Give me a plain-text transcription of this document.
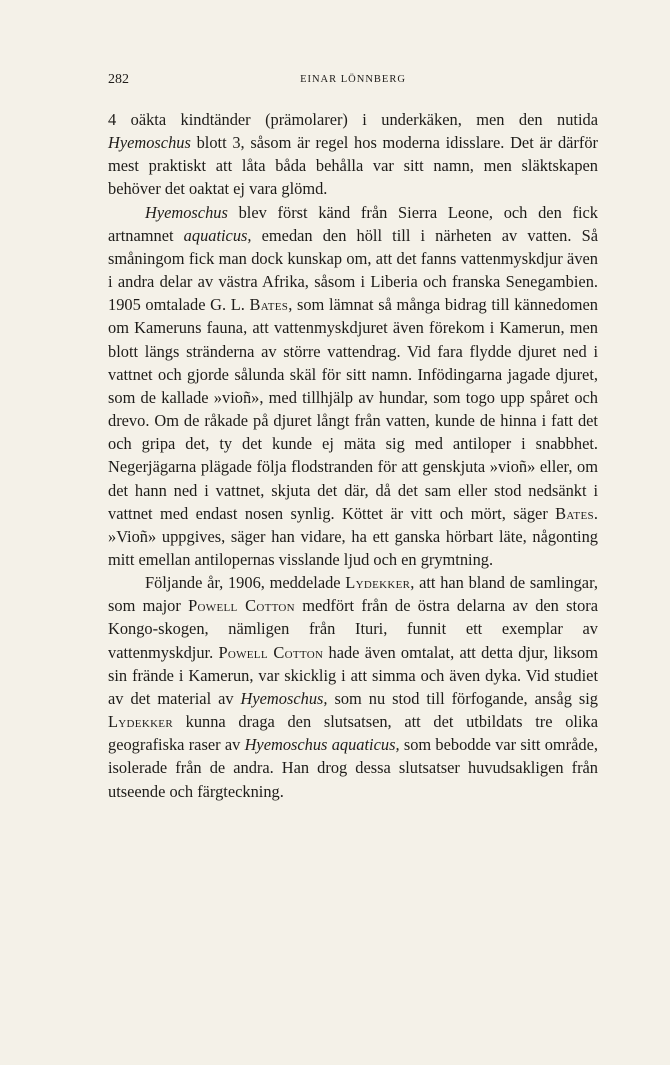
282	EINAR LÖNNBERG

4 oäkta kindtänder (prämolarer) i underkäken, men den nutida Hyemoschus blott 3, såsom är regel hos moderna idisslare. Det är därför mest praktiskt att låta båda behålla var sitt namn, men släktskapen behöver det oaktat ej vara glömd.

Hyemoschus blev först känd från Sierra Leone, och den fick artnamnet aquaticus, emedan den höll till i närheten av vatten. Så småningom fick man dock kunskap om, att det fanns vattenmyskdjur även i andra delar av västra Afrika, såsom i Liberia och franska Senegambien. 1905 omtalade G. L. Bates, som lämnat så många bidrag till kännedomen om Kameruns fauna, att vattenmyskdjuret även förekom i Kamerun, men blott längs stränderna av större vattendrag. Vid fara flydde djuret ned i vattnet och gjorde sålunda skäl för sitt namn. Infödingarna jagade djuret, som de kallade »vioñ», med tillhjälp av hundar, som togo upp spåret och drevo. Om de råkade på djuret långt från vatten, kunde de hinna i fatt det och gripa det, ty det kunde ej mäta sig med antiloper i snabbhet. Negerjägarna plägade följa flodstranden för att genskjuta »vioñ» eller, om det hann ned i vattnet, skjuta det där, då det sam eller stod nedsänkt i vattnet med endast nosen synlig. Köttet är vitt och mört, säger Bates. »Vioñ» uppgives, säger han vidare, ha ett ganska hörbart läte, någonting mitt emellan antilopernas visslande ljud och en grymtning.

Följande år, 1906, meddelade Lydekker, att han bland de samlingar, som major Powell Cotton medfört från de östra delarna av den stora Kongo-skogen, nämligen från Ituri, funnit ett exemplar av vattenmyskdjur. Powell Cotton hade även omtalat, att detta djur, liksom sin frände i Kamerun, var skicklig i att simma och även dyka. Vid studiet av det material av Hyemoschus, som nu stod till förfogande, ansåg sig Lydekker kunna draga den slutsatsen, att det utbildats tre olika geografiska raser av Hyemoschus aquaticus, som bebodde var sitt område, isolerade från de andra. Han drog dessa slutsatser huvudsakligen från utseende och färgteckning.
